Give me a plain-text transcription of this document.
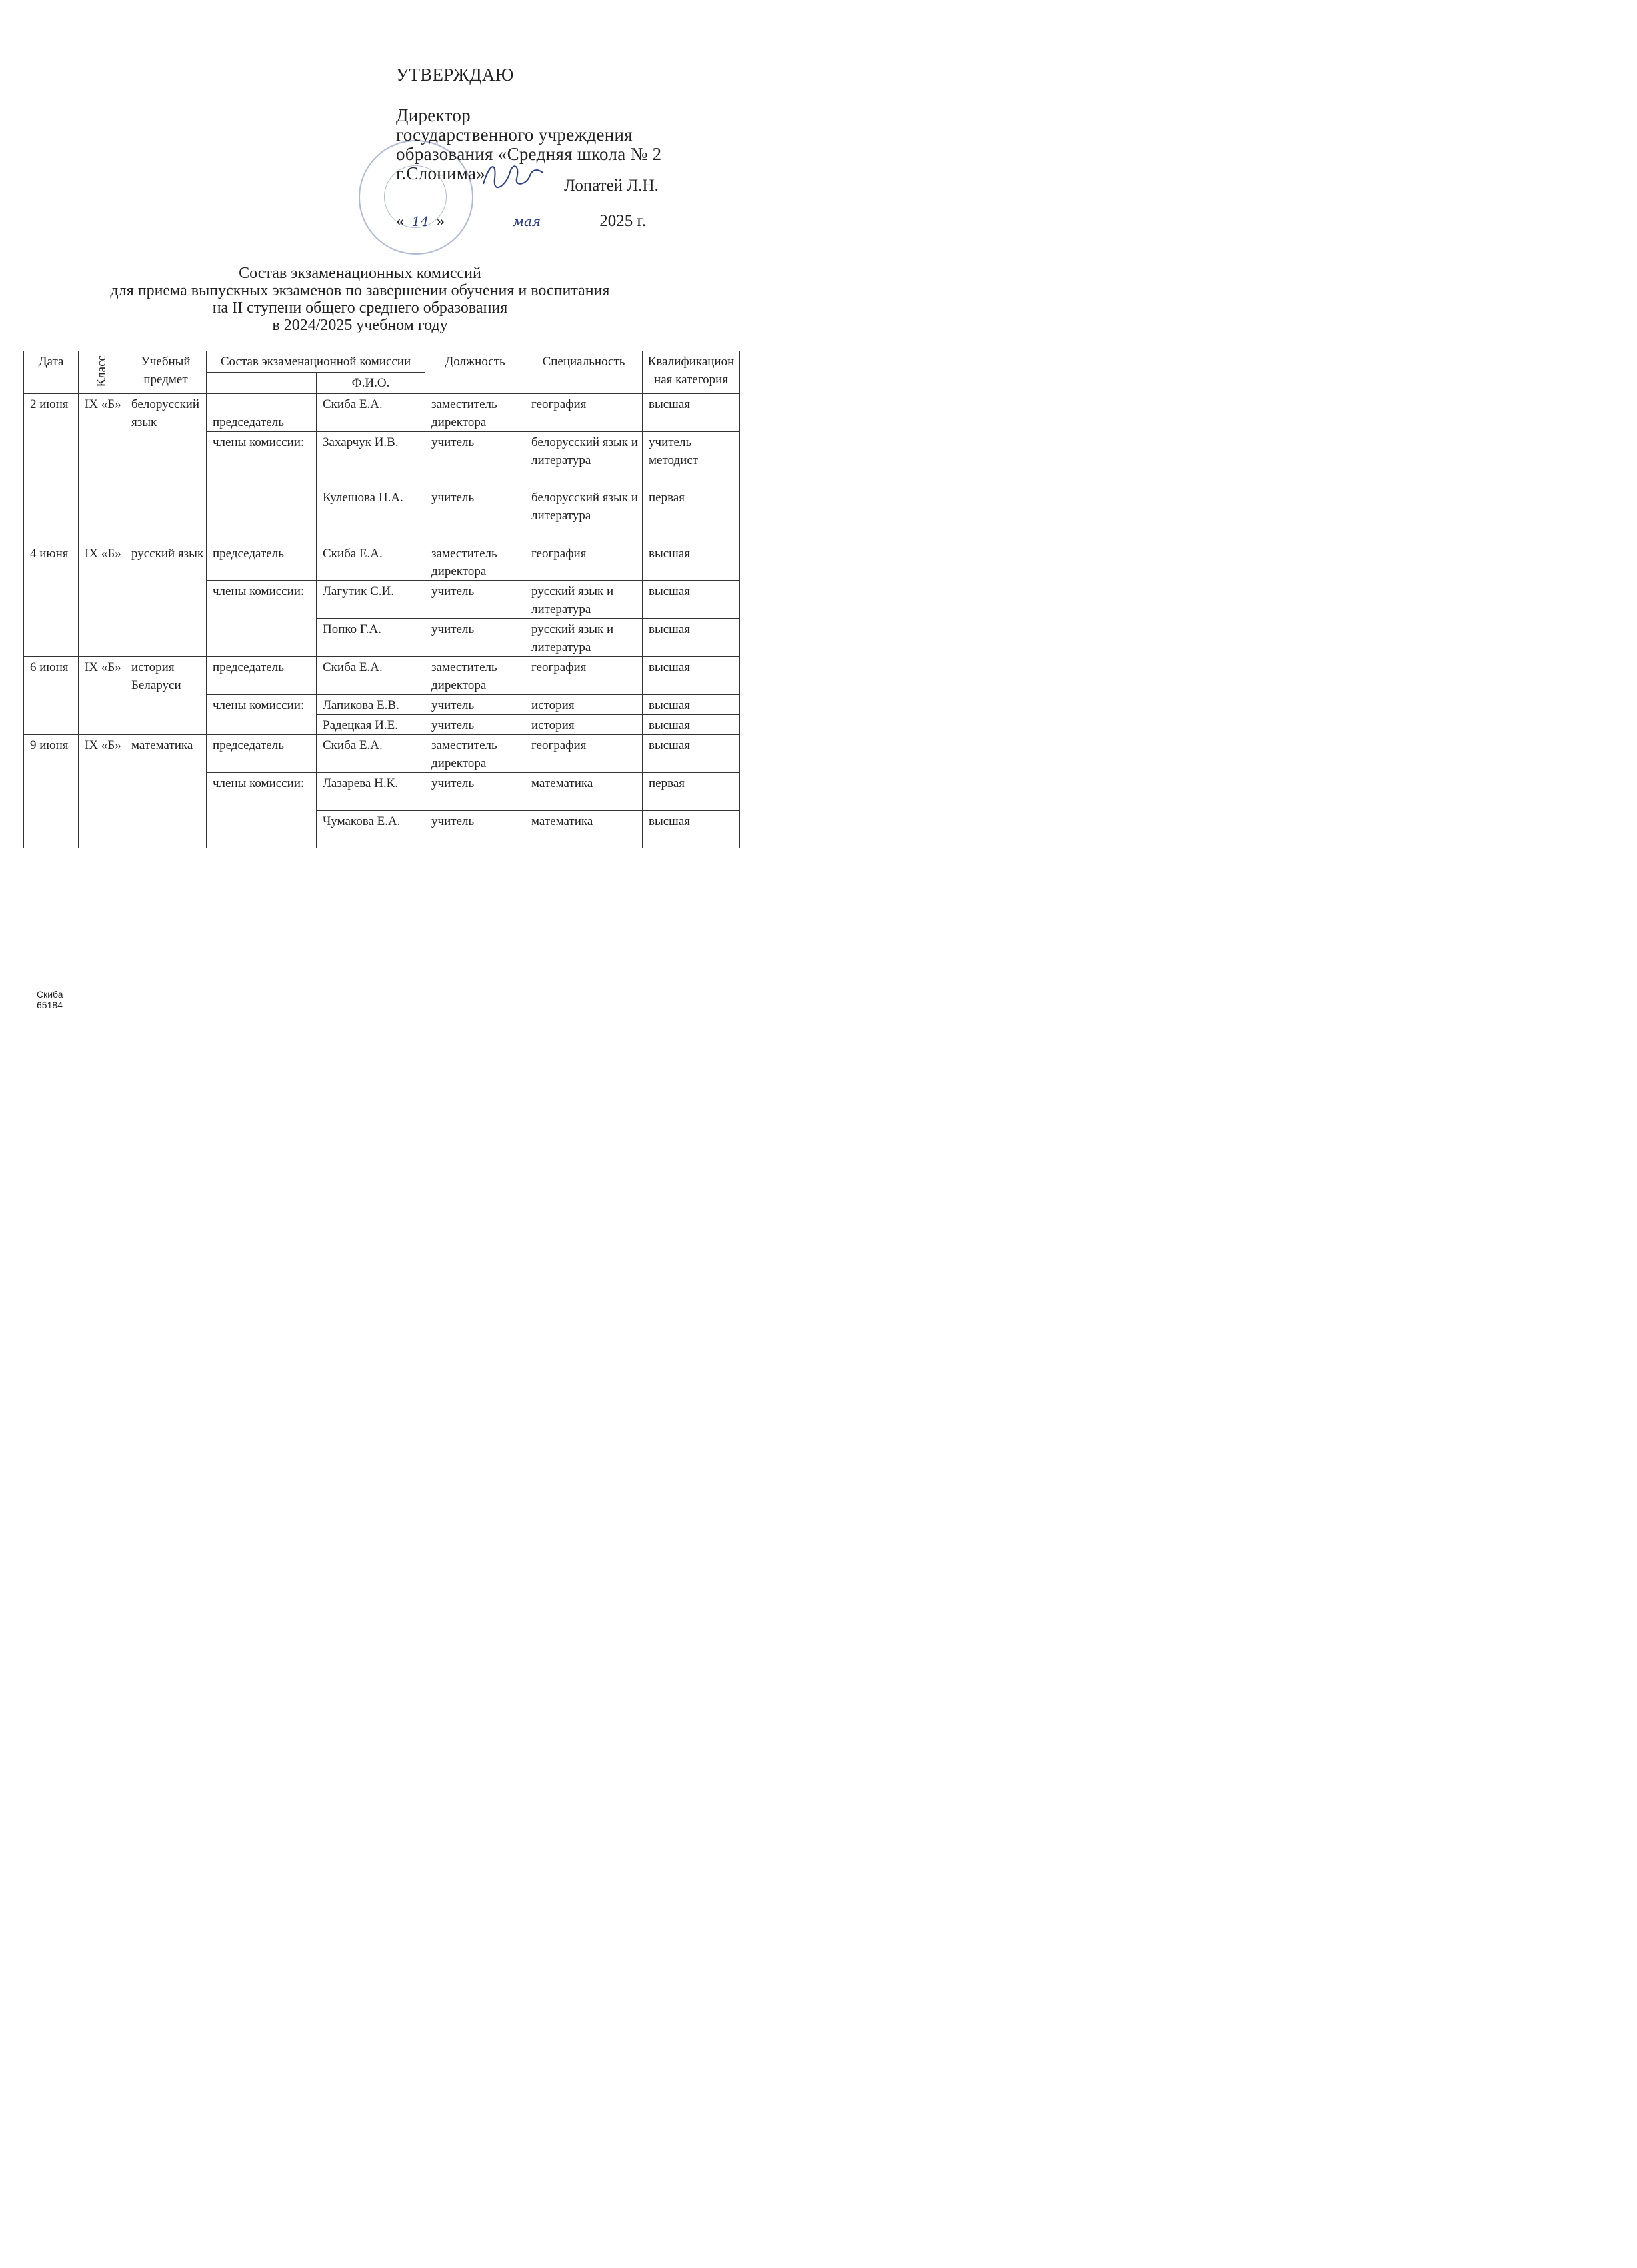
УТВЕРЖДАЮ
Директор
государственного учреждения
образования «Средняя школа № 2
г.Слонима»
Лопатей Л.Н.
« 14 »	мая	2025 г.
Состав экзаменационных комиссий
для приема выпускных экзаменов по завершении обучения и воспитания
на II ступени общего среднего образования
в 2024/2025 учебном году
Дата	Класс	Учебный предмет	Состав экзаменационной комиссии		Должность	Специальность	Квалификационная категория
				Ф.И.О.			
2 июня	IX «Б»	белорусский язык	председатель	Скиба Е.А.	заместитель директора	география	высшая
			члены комиссии:	Захарчук И.В.	учитель	белорусский язык и литература	учитель методист
				Кулешова Н.А.	учитель	белорусский язык и литература	первая
4 июня	IX «Б»	русский язык	председатель	Скиба Е.А.	заместитель директора	география	высшая
			члены комиссии:	Лагутик С.И.	учитель	русский язык и литература	высшая
				Попко Г.А.	учитель	русский язык и литература	высшая
6 июня	IX «Б»	история Беларуси	председатель	Скиба Е.А.	заместитель директора	география	высшая
			члены комиссии:	Лапикова Е.В.	учитель	история	высшая
				Радецкая И.Е.	учитель	история	высшая
9 июня	IX «Б»	математика	председатель	Скиба Е.А.	заместитель директора	география	высшая
			члены комиссии:	Лазарева Н.К.	учитель	математика	первая
				Чумакова Е.А.	учитель	математика	высшая
Скиба
65184
